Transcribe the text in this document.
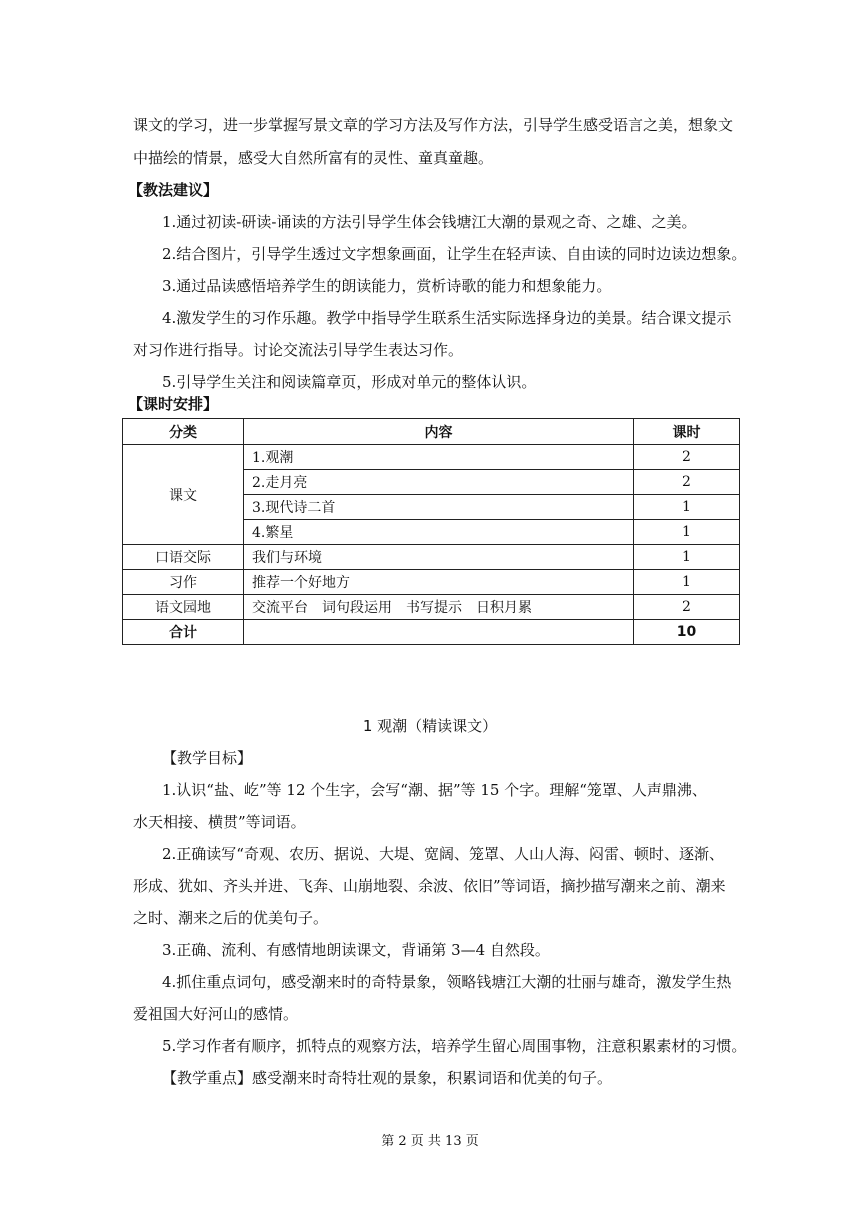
课文的学习，进一步掌握写景文章的学习方法及写作方法，引导学生感受语言之美，想象文
中描绘的情景，感受大自然所富有的灵性、童真童趣。
【教法建议】
1.通过初读-研读-诵读的方法引导学生体会钱塘江大潮的景观之奇、之雄、之美。
2.结合图片，引导学生透过文字想象画面，让学生在轻声读、自由读的同时边读边想象。
3.通过品读感悟培养学生的朗读能力，赏析诗歌的能力和想象能力。
4.激发学生的习作乐趣。教学中指导学生联系生活实际选择身边的美景。结合课文提示
对习作进行指导。讨论交流法引导学生表达习作。
5.引导学生关注和阅读篇章页，形成对单元的整体认识。
【课时安排】
分类	内容	课时
课文	1.观潮	2
	2.走月亮	2
	3.现代诗二首	1
	4.繁星	1
口语交际	我们与环境	1
习作	推荐一个好地方	1
语文园地	交流平台　词句段运用　书写提示　日积月累	2
合计		10
1 观潮（精读课文）
【教学目标】
1.认识“盐、屹”等 12 个生字，会写“潮、据”等 15 个字。理解“笼罩、人声鼎沸、
水天相接、横贯”等词语。
2.正确读写“奇观、农历、据说、大堤、宽阔、笼罩、人山人海、闷雷、顿时、逐渐、
形成、犹如、齐头并进、飞奔、山崩地裂、余波、依旧”等词语，摘抄描写潮来之前、潮来
之时、潮来之后的优美句子。
3.正确、流利、有感情地朗读课文，背诵第 3—4 自然段。
4.抓住重点词句，感受潮来时的奇特景象，领略钱塘江大潮的壮丽与雄奇，激发学生热
爱祖国大好河山的感情。
5.学习作者有顺序，抓特点的观察方法，培养学生留心周围事物，注意积累素材的习惯。
【教学重点】感受潮来时奇特壮观的景象，积累词语和优美的句子。
第 2 页 共 13 页
